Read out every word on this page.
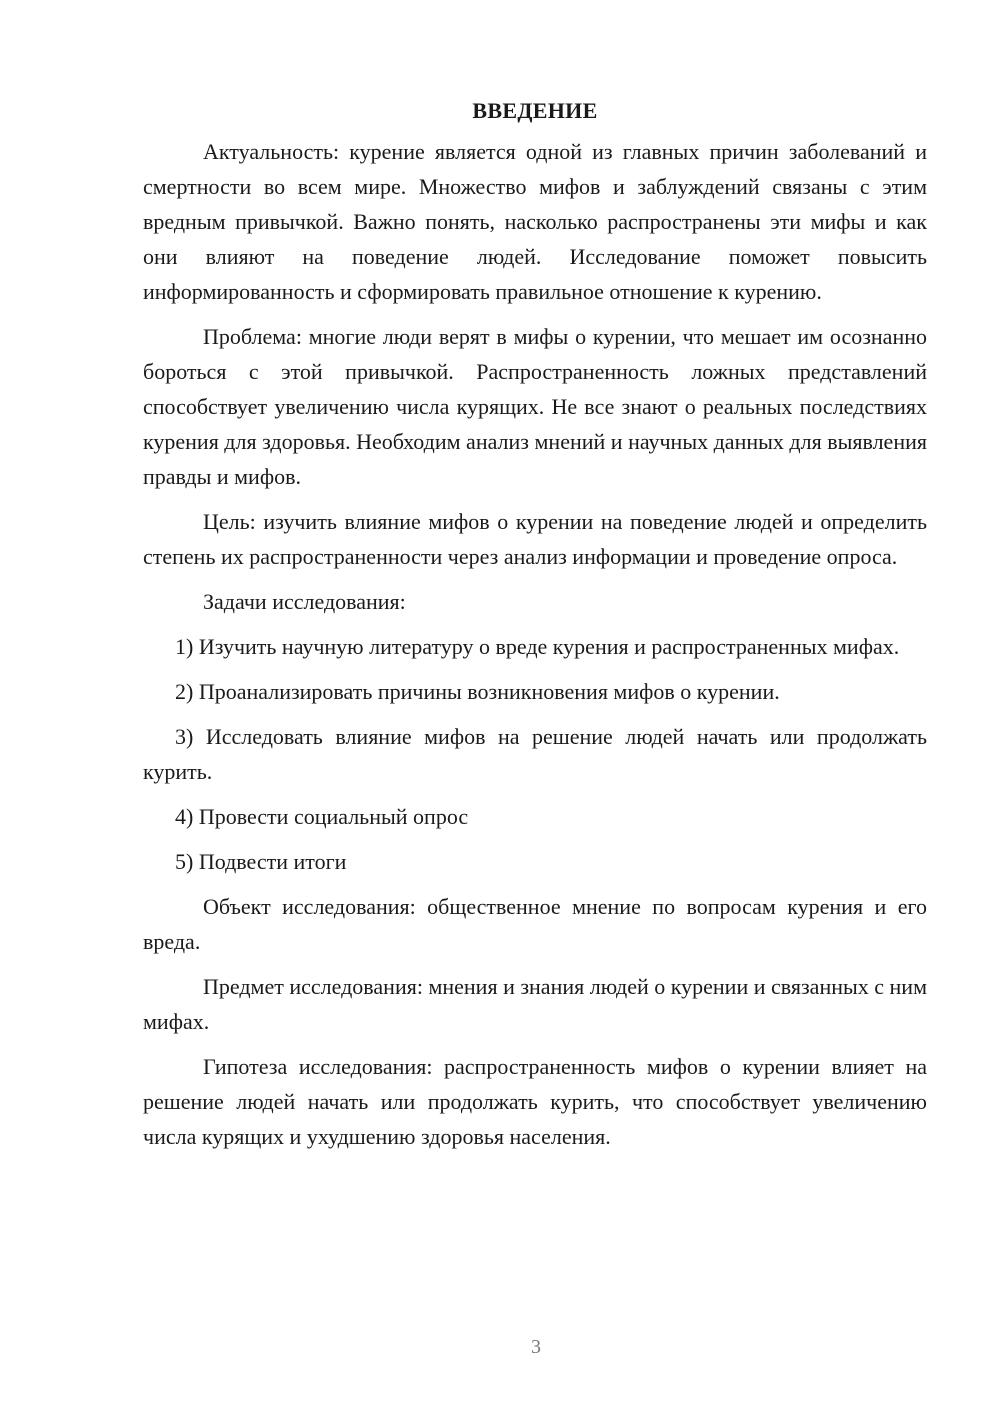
ВВЕДЕНИЕ

Актуальность: курение является одной из главных причин заболеваний и смертности во всем мире. Множество мифов и заблуждений связаны с этим вредным привычкой. Важно понять, насколько распространены эти мифы и как они влияют на поведение людей. Исследование поможет повысить информированность и сформировать правильное отношение к курению.

Проблема: многие люди верят в мифы о курении, что мешает им осознанно бороться с этой привычкой. Распространенность ложных представлений способствует увеличению числа курящих. Не все знают о реальных последствиях курения для здоровья. Необходим анализ мнений и научных данных для выявления правды и мифов.

Цель: изучить влияние мифов о курении на поведение людей и определить степень их распространенности через анализ информации и проведение опроса.

Задачи исследования:

1) Изучить научную литературу о вреде курения и распространенных мифах.

2) Проанализировать причины возникновения мифов о курении.

3) Исследовать влияние мифов на решение людей начать или продолжать курить.

4) Провести социальный опрос

5) Подвести итоги

Объект исследования: общественное мнение по вопросам курения и его вреда.

Предмет исследования: мнения и знания людей о курении и связанных с ним мифах.

Гипотеза исследования: распространенность мифов о курении влияет на решение людей начать или продолжать курить, что способствует увеличению числа курящих и ухудшению здоровья населения.

3
